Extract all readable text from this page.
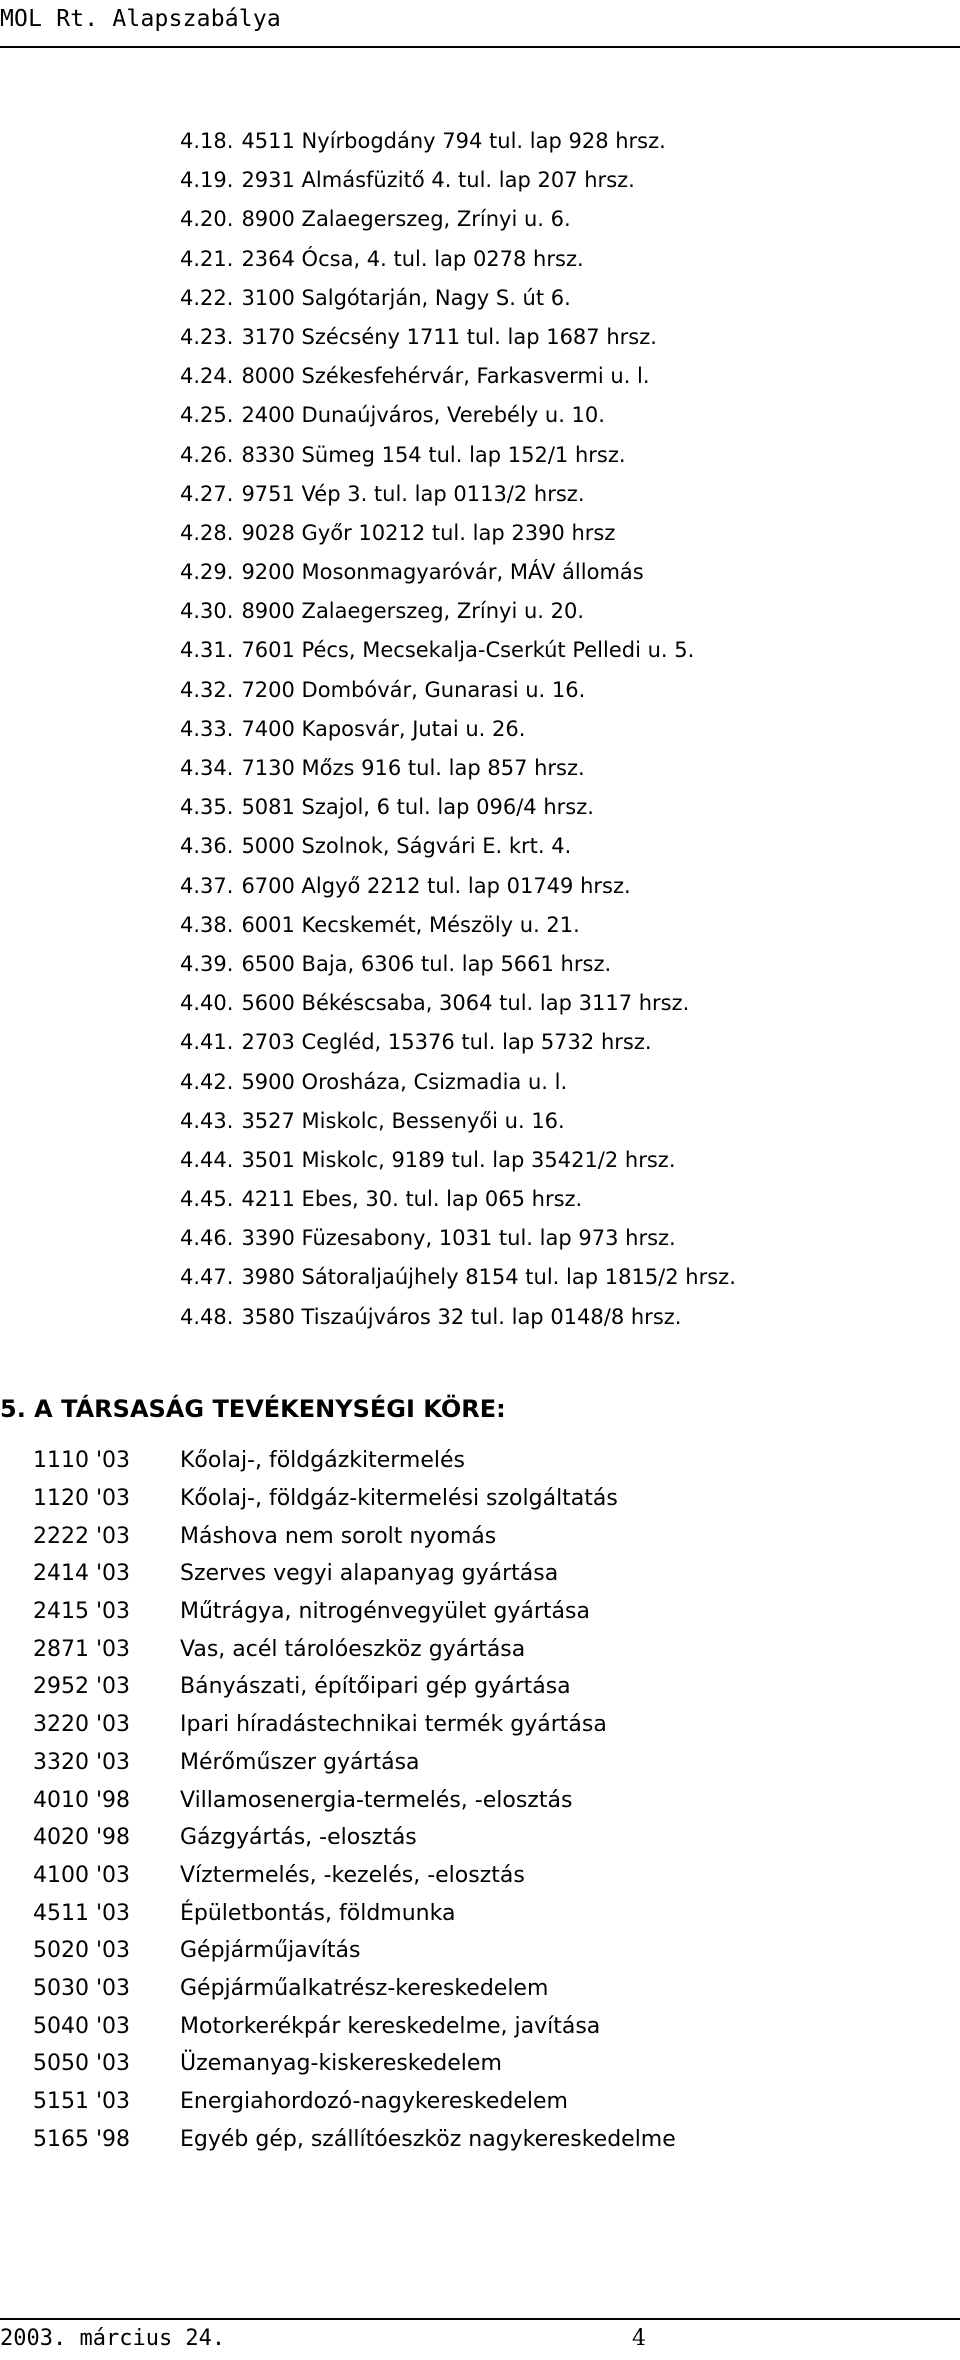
MOL Rt. Alapszabálya
4.18. 4511 Nyírbogdány 794 tul. lap 928 hrsz.
4.19. 2931 Almásfüzitő 4. tul. lap 207 hrsz.
4.20. 8900 Zalaegerszeg, Zrínyi u. 6.
4.21. 2364 Ócsa, 4. tul. lap 0278 hrsz.
4.22. 3100 Salgótarján, Nagy S. út 6.
4.23. 3170 Szécsény 1711 tul. lap 1687 hrsz.
4.24. 8000 Székesfehérvár, Farkasvermi u. l.
4.25. 2400 Dunaújváros, Verebély u. 10.
4.26. 8330 Sümeg 154 tul. lap 152/1 hrsz.
4.27. 9751 Vép 3. tul. lap 0113/2 hrsz.
4.28. 9028 Győr 10212 tul. lap 2390 hrsz
4.29. 9200 Mosonmagyaróvár, MÁV állomás
4.30. 8900 Zalaegerszeg, Zrínyi u. 20.
4.31. 7601 Pécs, Mecsekalja-Cserkút Pelledi u. 5.
4.32. 7200 Dombóvár, Gunarasi u. 16.
4.33. 7400 Kaposvár, Jutai u. 26.
4.34. 7130 Mőzs 916 tul. lap 857 hrsz.
4.35. 5081 Szajol, 6 tul. lap 096/4 hrsz.
4.36. 5000 Szolnok, Ságvári E. krt. 4.
4.37. 6700 Algyő 2212 tul. lap 01749 hrsz.
4.38. 6001 Kecskemét, Mészöly u. 21.
4.39. 6500 Baja, 6306 tul. lap 5661 hrsz.
4.40. 5600 Békéscsaba, 3064 tul. lap 3117 hrsz.
4.41. 2703 Cegléd, 15376 tul. lap 5732 hrsz.
4.42. 5900 Orosháza, Csizmadia u. l.
4.43. 3527 Miskolc, Bessenyői u. 16.
4.44. 3501 Miskolc, 9189 tul. lap 35421/2 hrsz.
4.45. 4211 Ebes, 30. tul. lap 065 hrsz.
4.46. 3390 Füzesabony, 1031 tul. lap 973 hrsz.
4.47. 3980 Sátoraljaújhely 8154 tul. lap 1815/2 hrsz.
4.48. 3580 Tiszaújváros 32 tul. lap 0148/8 hrsz.
5. A TÁRSASÁG TEVÉKENYSÉGI KÖRE:
1110 '03		Kőolaj-, földgázkitermelés
1120 '03		Kőolaj-, földgáz-kitermelési szolgáltatás
2222 '03		Máshova nem sorolt nyomás
2414 '03		Szerves vegyi alapanyag gyártása
2415 '03		Műtrágya, nitrogénvegyület gyártása
2871 '03		Vas, acél tárolóeszköz gyártása
2952 '03		Bányászati, építőipari gép gyártása
3220 '03		Ipari híradástechnikai termék gyártása
3320 '03		Mérőműszer gyártása
4010 '98		Villamosenergia-termelés, -elosztás
4020 '98		Gázgyártás, -elosztás
4100 '03		Víztermelés, -kezelés, -elosztás
4511 '03		Épületbontás, földmunka
5020 '03		Gépjárműjavítás
5030 '03		Gépjárműalkatrész-kereskedelem
5040 '03		Motorkerékpár kereskedelme, javítása
5050 '03		Üzemanyag-kiskereskedelem
5151 '03		Energiahordozó-nagykereskedelem
5165 '98		Egyéb gép, szállítóeszköz nagykereskedelme
2003. március 24.	4
